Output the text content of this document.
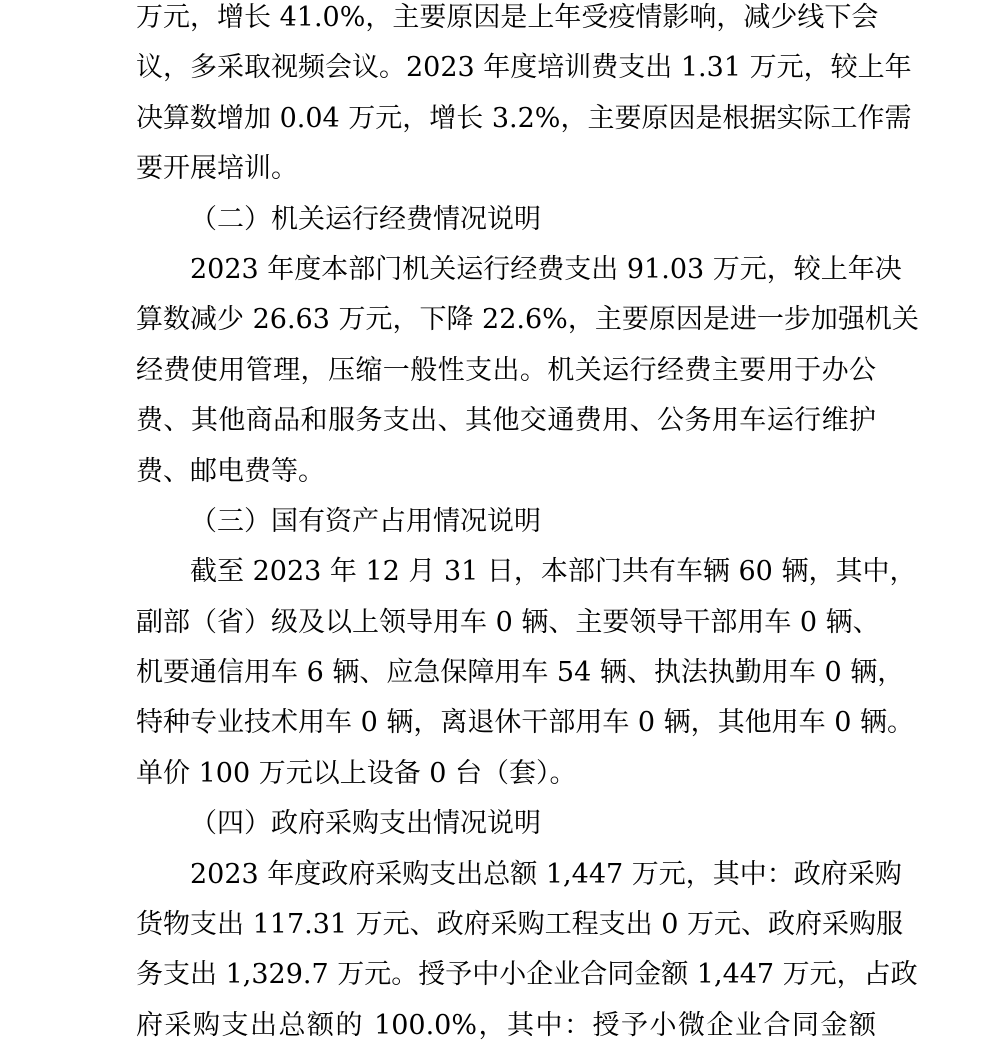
万元，增长 41.0%，主要原因是上年受疫情影响，减少线下会
议，多采取视频会议。2023 年度培训费支出 1.31 万元，较上年
决算数增加 0.04 万元，增长 3.2%，主要原因是根据实际工作需
要开展培训。
（二）机关运行经费情况说明
2023 年度本部门机关运行经费支出 91.03 万元，较上年决
算数减少 26.63 万元，下降 22.6%，主要原因是进一步加强机关
经费使用管理，压缩一般性支出。机关运行经费主要用于办公
费、其他商品和服务支出、其他交通费用、公务用车运行维护
费、邮电费等。
（三）国有资产占用情况说明
截至 2023 年 12 月 31 日，本部门共有车辆 60 辆，其中，
副部（省）级及以上领导用车 0 辆、主要领导干部用车 0 辆、
机要通信用车 6 辆、应急保障用车 54 辆、执法执勤用车 0 辆，
特种专业技术用车 0 辆，离退休干部用车 0 辆，其他用车 0 辆。
单价 100 万元以上设备 0 台（套）。
（四）政府采购支出情况说明
2023 年度政府采购支出总额 1,447 万元，其中：政府采购
货物支出 117.31 万元、政府采购工程支出 0 万元、政府采购服
务支出 1,329.7 万元。授予中小企业合同金额 1,447 万元，占政
府采购支出总额的 100.0%，其中：授予小微企业合同金额
